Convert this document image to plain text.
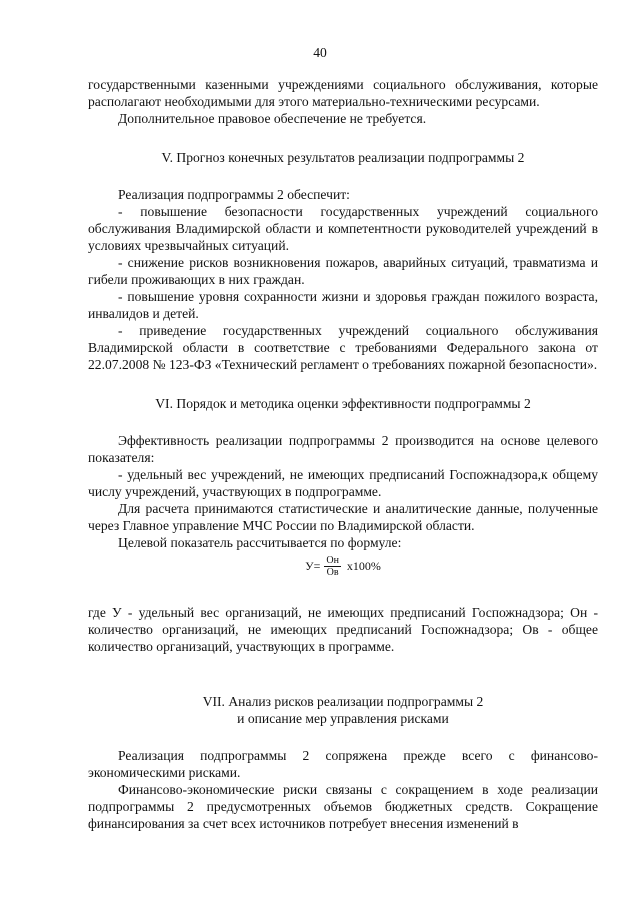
40

государственными казенными учреждениями социального обслуживания, которые располагают необходимыми для этого материально-техническими ресурсами.

Дополнительное правовое обеспечение не требуется.

V. Прогноз конечных результатов реализации подпрограммы 2

Реализация подпрограммы 2 обеспечит:

- повышение безопасности государственных учреждений социального обслуживания Владимирской области и компетентности руководителей учреждений в условиях чрезвычайных ситуаций.

- снижение рисков возникновения пожаров, аварийных ситуаций, травматизма и гибели проживающих в них граждан.

- повышение уровня сохранности жизни и здоровья граждан пожилого возраста, инвалидов и детей.

- приведение государственных учреждений социального обслуживания Владимирской области в соответствие с требованиями Федерального закона от 22.07.2008 № 123-ФЗ «Технический регламент о требованиях пожарной безопасности».

VI. Порядок и методика оценки эффективности подпрограммы 2

Эффективность реализации подпрограммы 2 производится на основе целевого показателя:

- удельный вес учреждений, не имеющих предписаний Госпожнадзора,к общему числу учреждений, участвующих в подпрограмме.

Для расчета принимаются статистические и аналитические данные, полученные через Главное управление МЧС России по Владимирской области.

Целевой показатель рассчитывается по формуле:

$У= \frac{Он}{Ов} х100\%$

где У - удельный вес организаций, не имеющих предписаний Госпожнадзора; Он - количество организаций, не имеющих предписаний Госпожнадзора; Ов - общее количество организаций, участвующих в программе.

VII. Анализ рисков реализации подпрограммы 2
и описание мер управления рисками

Реализация подпрограммы 2 сопряжена прежде всего с финансово-экономическими рисками.

Финансово-экономические риски связаны с сокращением в ходе реализации подпрограммы 2 предусмотренных объемов бюджетных средств. Сокращение финансирования за счет всех источников потребует внесения изменений в
